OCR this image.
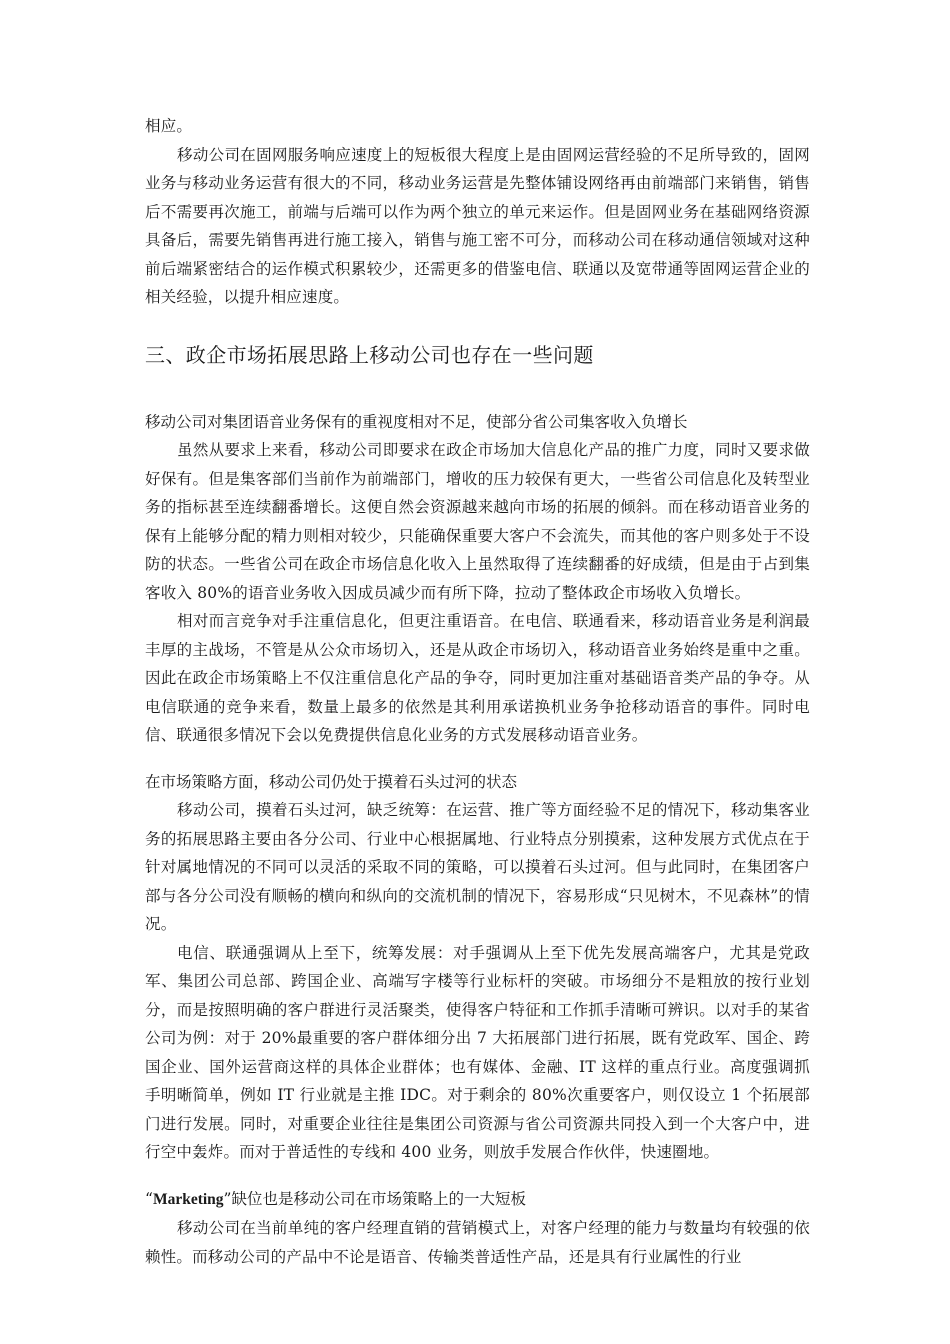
相应。

移动公司在固网服务响应速度上的短板很大程度上是由固网运营经验的不足所导致的，固网业务与移动业务运营有很大的不同，移动业务运营是先整体铺设网络再由前端部门来销售，销售后不需要再次施工，前端与后端可以作为两个独立的单元来运作。但是固网业务在基础网络资源具备后，需要先销售再进行施工接入，销售与施工密不可分，而移动公司在移动通信领域对这种前后端紧密结合的运作模式积累较少，还需更多的借鉴电信、联通以及宽带通等固网运营企业的相关经验，以提升相应速度。

三、政企市场拓展思路上移动公司也存在一些问题
移动公司对集团语音业务保有的重视度相对不足，使部分省公司集客收入负增长

虽然从要求上来看，移动公司即要求在政企市场加大信息化产品的推广力度，同时又要求做好保有。但是集客部们当前作为前端部门，增收的压力较保有更大，一些省公司信息化及转型业务的指标甚至连续翻番增长。这便自然会资源越来越向市场的拓展的倾斜。而在移动语音业务的保有上能够分配的精力则相对较少，只能确保重要大客户不会流失，而其他的客户则多处于不设防的状态。一些省公司在政企市场信息化收入上虽然取得了连续翻番的好成绩，但是由于占到集客收入 80%的语音业务收入因成员减少而有所下降，拉动了整体政企市场收入负增长。

相对而言竞争对手注重信息化，但更注重语音。在电信、联通看来，移动语音业务是利润最丰厚的主战场，不管是从公众市场切入，还是从政企市场切入，移动语音业务始终是重中之重。因此在政企市场策略上不仅注重信息化产品的争夺，同时更加注重对基础语音类产品的争夺。从电信联通的竞争来看，数量上最多的依然是其利用承诺换机业务争抢移动语音的事件。同时电信、联通很多情况下会以免费提供信息化业务的方式发展移动语音业务。

在市场策略方面，移动公司仍处于摸着石头过河的状态

移动公司，摸着石头过河，缺乏统筹：在运营、推广等方面经验不足的情况下，移动集客业务的拓展思路主要由各分公司、行业中心根据属地、行业特点分别摸索，这种发展方式优点在于针对属地情况的不同可以灵活的采取不同的策略，可以摸着石头过河。但与此同时，在集团客户部与各分公司没有顺畅的横向和纵向的交流机制的情况下，容易形成“只见树木，不见森林”的情况。

电信、联通强调从上至下，统筹发展：对手强调从上至下优先发展高端客户，尤其是党政军、集团公司总部、跨国企业、高端写字楼等行业标杆的突破。市场细分不是粗放的按行业划分，而是按照明确的客户群进行灵活聚类，使得客户特征和工作抓手清晰可辨识。以对手的某省公司为例：对于 20%最重要的客户群体细分出 7 大拓展部门进行拓展，既有党政军、国企、跨国企业、国外运营商这样的具体企业群体；也有媒体、金融、IT 这样的重点行业。高度强调抓手明晰简单，例如 IT 行业就是主推 IDC。对于剩余的 80%次重要客户，则仅设立 1 个拓展部门进行发展。同时，对重要企业往往是集团公司资源与省公司资源共同投入到一个大客户中，进行空中轰炸。而对于普适性的专线和 400 业务，则放手发展合作伙伴，快速圈地。

“Marketing”缺位也是移动公司在市场策略上的一大短板

移动公司在当前单纯的客户经理直销的营销模式上，对客户经理的能力与数量均有较强的依赖性。而移动公司的产品中不论是语音、传输类普适性产品，还是具有行业属性的行业
